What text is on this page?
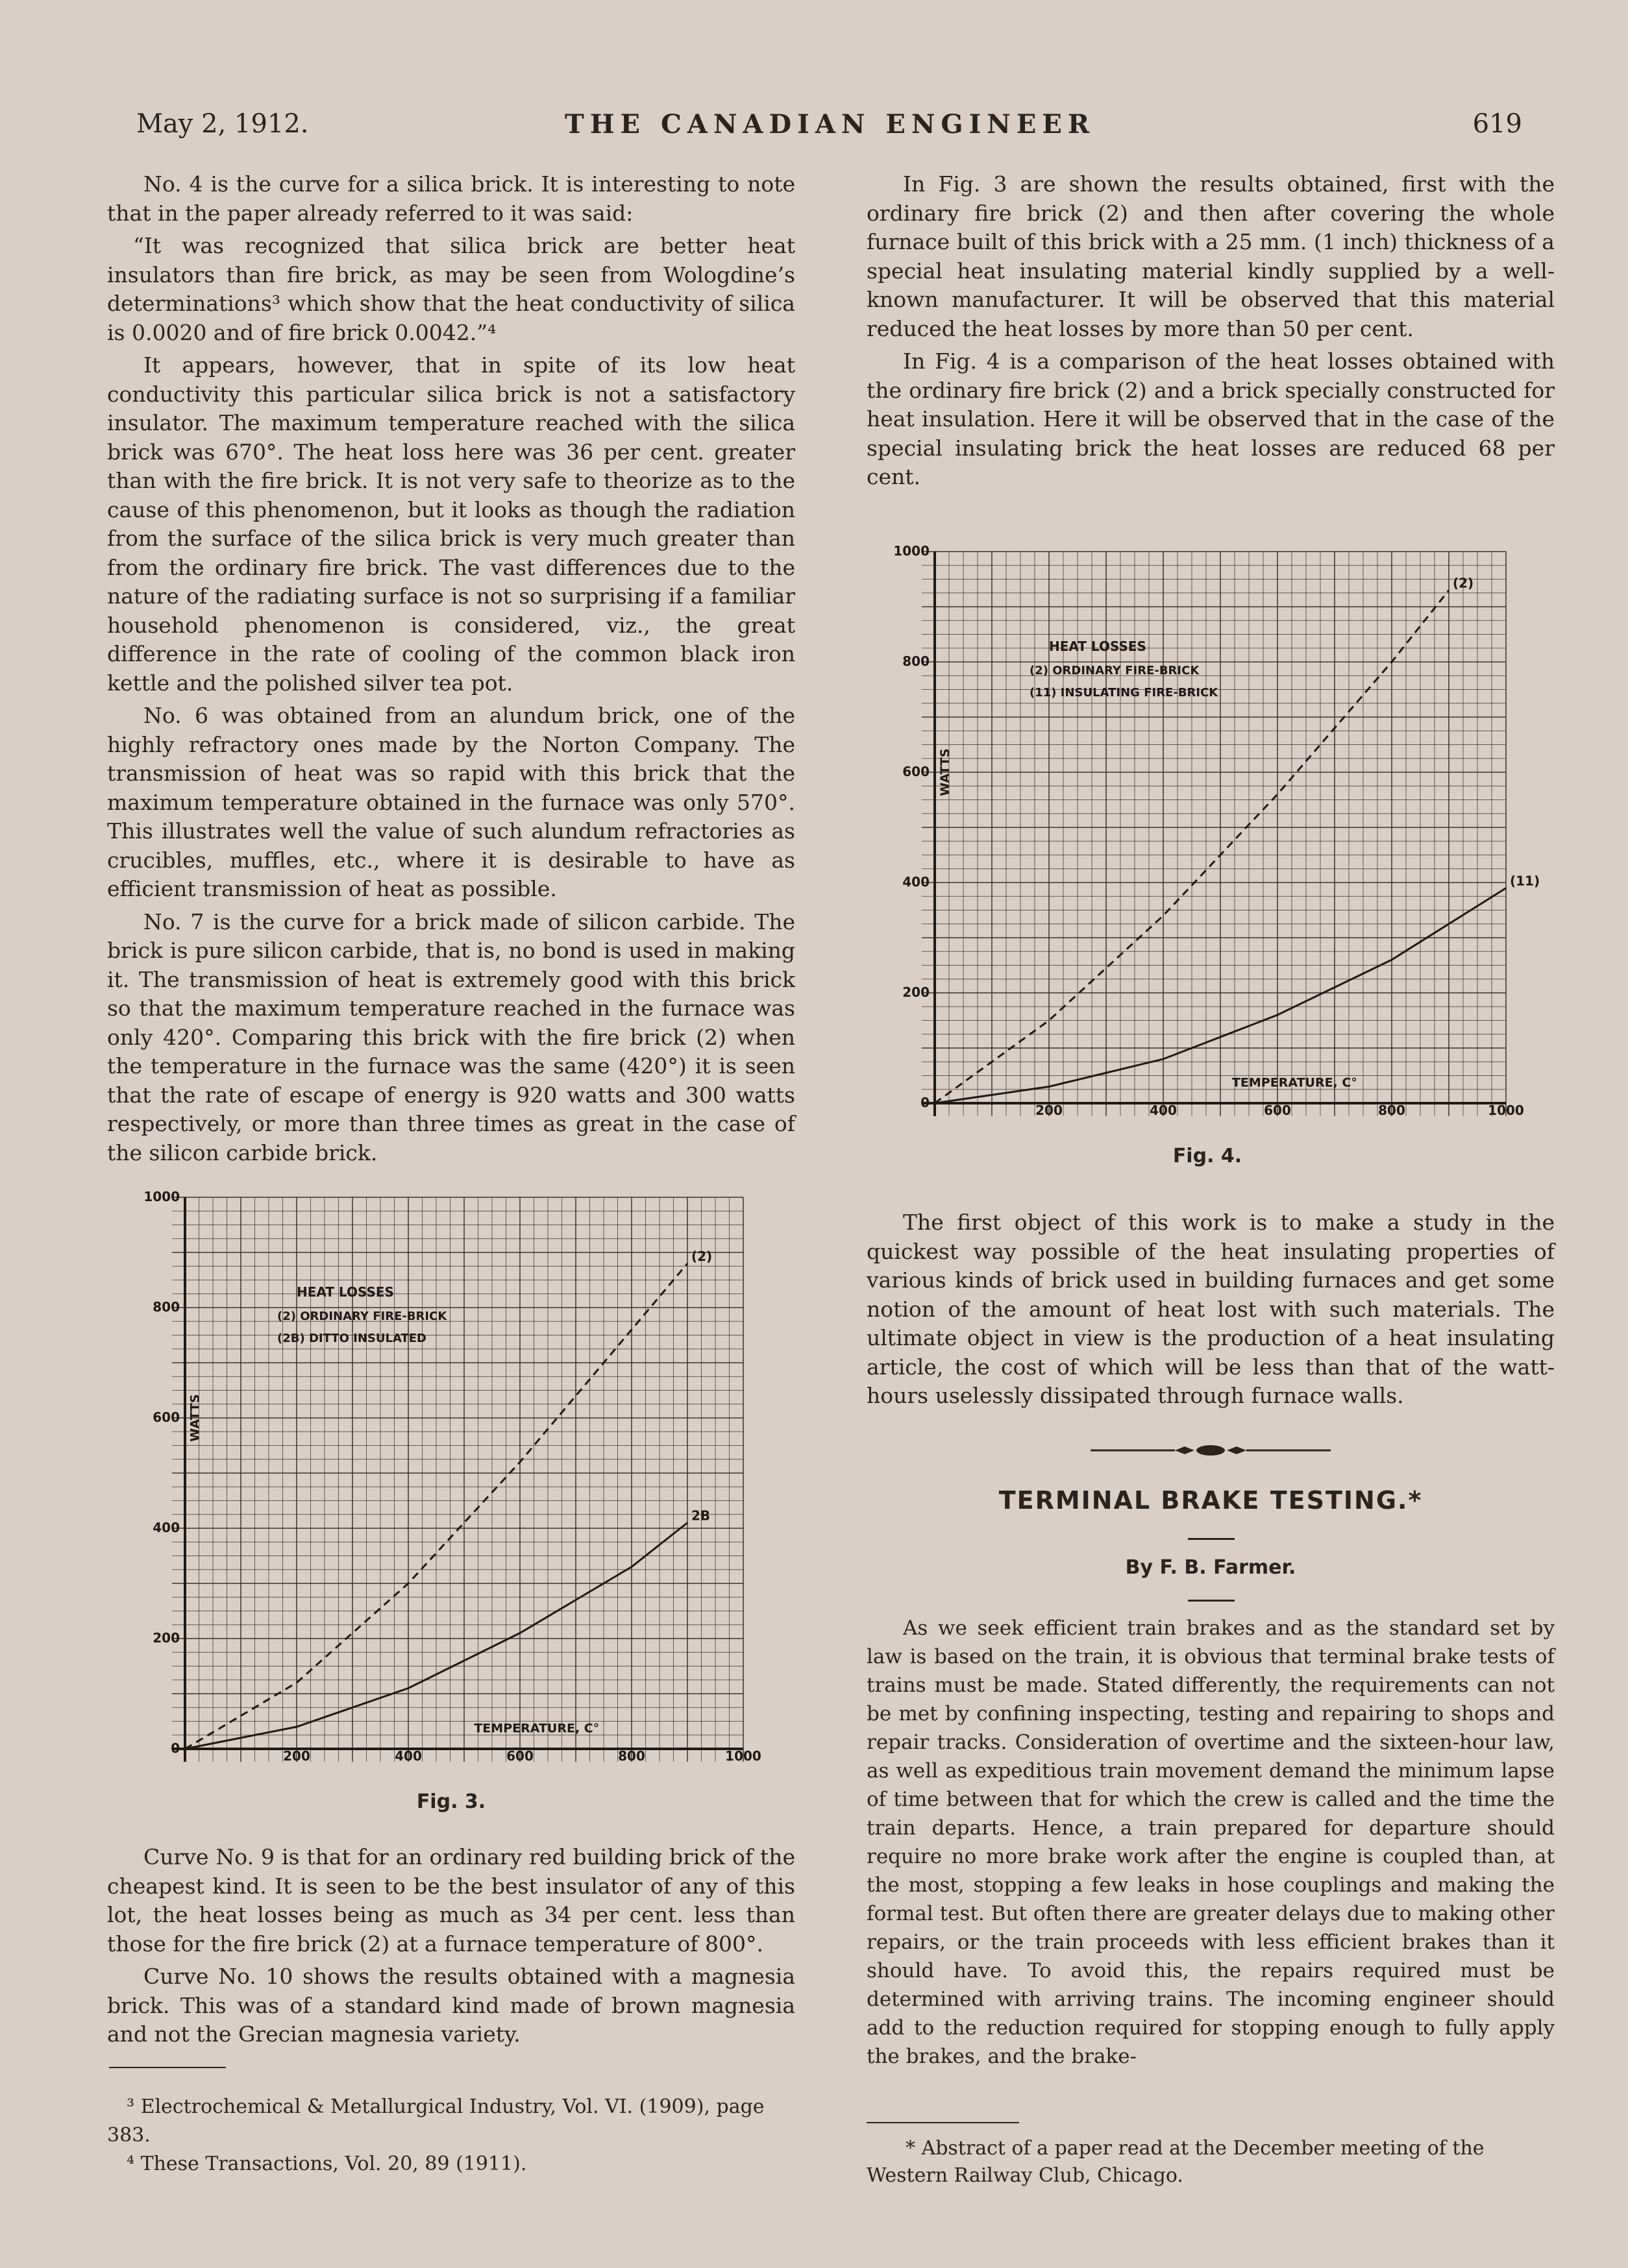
May 2, 1912.	THE CANADIAN ENGINEER	619

No. 4 is the curve for a silica brick. It is interesting to note that in the paper already referred to it was said:

“It was recognized that silica brick are better heat insulators than fire brick, as may be seen from Wologdine’s determinations³ which show that the heat conductivity of silica is 0.0020 and of fire brick 0.0042.”⁴

It appears, however, that in spite of its low heat conductivity this particular silica brick is not a satisfactory insulator. The maximum temperature reached with the silica brick was 670°. The heat loss here was 36 per cent. greater than with the fire brick. It is not very safe to theorize as to the cause of this phenomenon, but it looks as though the radiation from the surface of the silica brick is very much greater than from the ordinary fire brick. The vast differences due to the nature of the radiating surface is not so surprising if a familiar household phenomenon is considered, viz., the great difference in the rate of cooling of the common black iron kettle and the polished silver tea pot.

No. 6 was obtained from an alundum brick, one of the highly refractory ones made by the Norton Company. The transmission of heat was so rapid with this brick that the maximum temperature obtained in the furnace was only 570°. This illustrates well the value of such alundum refractories as crucibles, muffles, etc., where it is desirable to have as efficient transmission of heat as possible.

No. 7 is the curve for a brick made of silicon carbide. The brick is pure silicon carbide, that is, no bond is used in making it. The transmission of heat is extremely good with this brick so that the maximum temperature reached in the furnace was only 420°. Comparing this brick with the fire brick (2) when the temperature in the furnace was the same (420°) it is seen that the rate of escape of energy is 920 watts and 300 watts respectively, or more than three times as great in the case of the silicon carbide brick.

200	400	600	800	1000
0
200
400
600
800
1000
TEMPERATURE, C°
WATTS
HEAT LOSSES
(2) ORDINARY FIRE-BRICK
(2B) DITTO INSULATED
(2)
2B
Fig. 3.

Curve No. 9 is that for an ordinary red building brick of the cheapest kind. It is seen to be the best insulator of any of this lot, the heat losses being as much as 34 per cent. less than those for the fire brick (2) at a furnace temperature of 800°.

Curve No. 10 shows the results obtained with a magnesia brick. This was of a standard kind made of brown magnesia and not the Grecian magnesia variety.

³ Electrochemical & Metallurgical Industry, Vol. VI. (1909), page 383.
⁴ These Transactions, Vol. 20, 89 (1911).

In Fig. 3 are shown the results obtained, first with the ordinary fire brick (2) and then after covering the whole furnace built of this brick with a 25 mm. (1 inch) thickness of a special heat insulating material kindly supplied by a well-known manufacturer. It will be observed that this material reduced the heat losses by more than 50 per cent.

In Fig. 4 is a comparison of the heat losses obtained with the ordinary fire brick (2) and a brick specially constructed for heat insulation. Here it will be observed that in the case of the special insulating brick the heat losses are reduced 68 per cent.

200	400	600	800	1000
0
200
400
600
800
1000
TEMPERATURE, C°
WATTS
HEAT LOSSES
(2) ORDINARY FIRE-BRICK
(11) INSULATING FIRE-BRICK
(2)
(11)
Fig. 4.

The first object of this work is to make a study in the quickest way possible of the heat insulating properties of various kinds of brick used in building furnaces and get some notion of the amount of heat lost with such materials. The ultimate object in view is the production of a heat insulating article, the cost of which will be less than that of the watt-hours uselessly dissipated through furnace walls.

TERMINAL BRAKE TESTING.*
By F. B. Farmer.

As we seek efficient train brakes and as the standard set by law is based on the train, it is obvious that terminal brake tests of trains must be made. Stated differently, the requirements can not be met by confining inspecting, testing and repairing to shops and repair tracks. Consideration of overtime and the sixteen-hour law, as well as expeditious train movement demand the minimum lapse of time between that for which the crew is called and the time the train departs. Hence, a train prepared for departure should require no more brake work after the engine is coupled than, at the most, stopping a few leaks in hose couplings and making the formal test. But often there are greater delays due to making other repairs, or the train proceeds with less efficient brakes than it should have. To avoid this, the repairs required must be determined with arriving trains. The incoming engineer should add to the reduction required for stopping enough to fully apply the brakes, and the brake-

* Abstract of a paper read at the December meeting of the Western Railway Club, Chicago.
